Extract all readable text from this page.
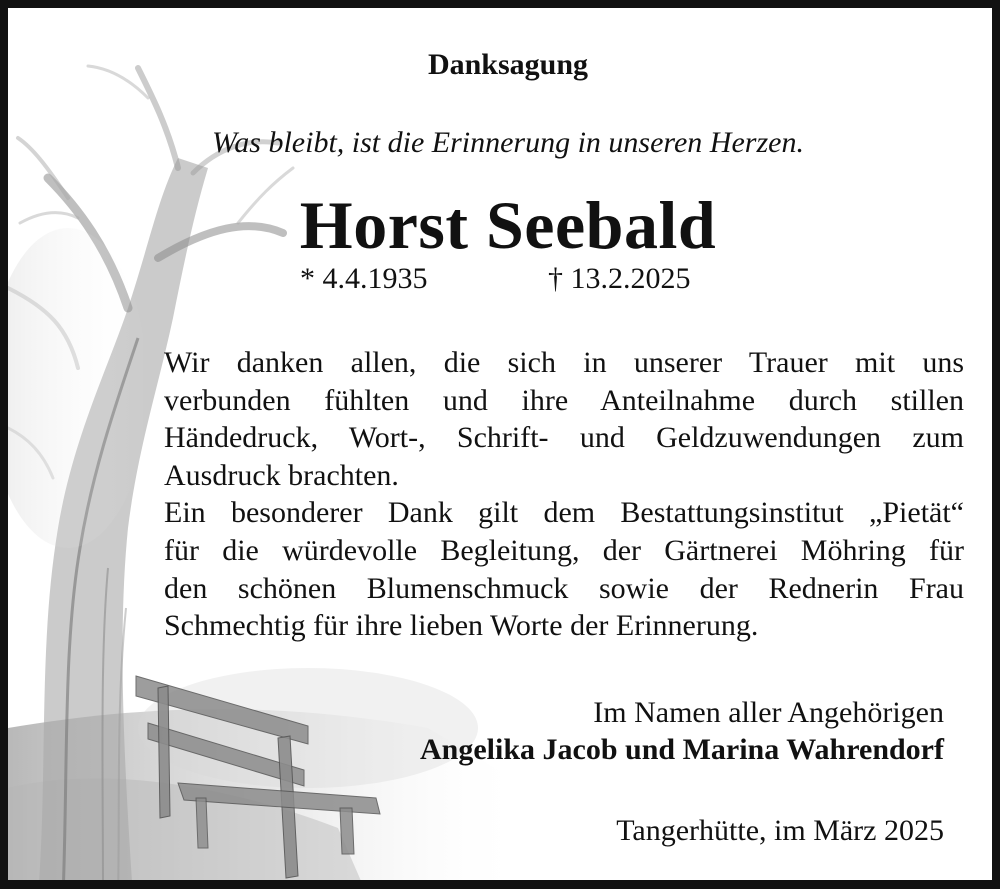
Danksagung
Was bleibt, ist die Erinnerung in unseren Herzen.
Horst Seebald
* 4.4.1935	† 13.2.2025
Wir danken allen, die sich in unserer Trauer mit uns
verbunden fühlten und ihre Anteilnahme durch stillen
Händedruck, Wort-, Schrift- und Geldzuwendungen zum
Ausdruck brachten.
Ein besonderer Dank gilt dem Bestattungsinstitut „Pietät“
für die würdevolle Begleitung, der Gärtnerei Möhring für
den schönen Blumenschmuck sowie der Rednerin Frau
Schmechtig für ihre lieben Worte der Erinnerung.
Im Namen aller Angehörigen
Angelika Jacob und Marina Wahrendorf
Tangerhütte, im März 2025
